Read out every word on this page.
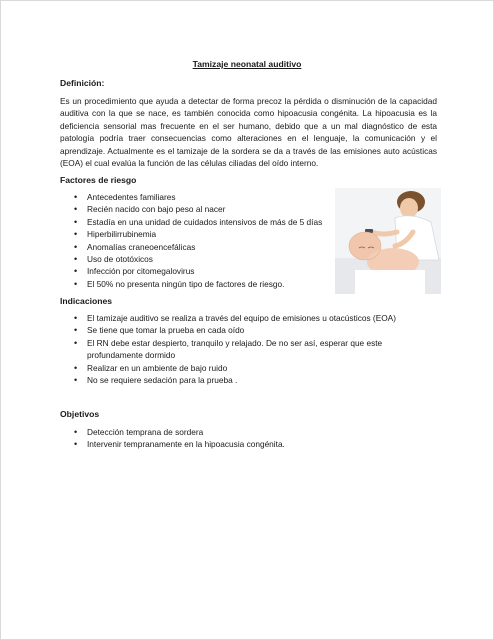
Tamizaje neonatal auditivo
Definición:
Es un procedimiento que ayuda a detectar de forma precoz la pérdida o disminución de la capacidad auditiva con la que se nace, es también conocida como hipoacusia congénita. La hipoacusia es la deficiencia sensorial mas frecuente en el ser humano, debido que a un mal diagnóstico de esta patología podría traer consecuencias como alteraciones en el lenguaje, la comunicación y el aprendizaje. Actualmente es el tamizaje de la sordera se da a través de las emisiones auto acústicas (EOA) el cual evalúa la función de las células ciliadas del oído interno.
Factores de riesgo
• Antecedentes familiares
• Recién nacido con bajo peso al nacer
• Estadía en una unidad de cuidados intensivos de más de 5 días
• Hiperbilirrubinemia
• Anomalías craneoencefálicas
• Uso de ototóxicos
• Infección por citomegalovirus
• El 50% no presenta ningún tipo de factores de riesgo.
Indicaciones
• El tamizaje auditivo se realiza a través del equipo de emisiones u otacústicos (EOA)
• Se tiene que tomar la prueba en cada oído
• El RN debe estar despierto, tranquilo y relajado. De no ser así, esperar que este profundamente dormido
• Realizar en un ambiente de bajo ruido
• No se requiere sedación para la prueba .
Objetivos
• Detección temprana de sordera
• Intervenir tempranamente en la hipoacusia congénita.
